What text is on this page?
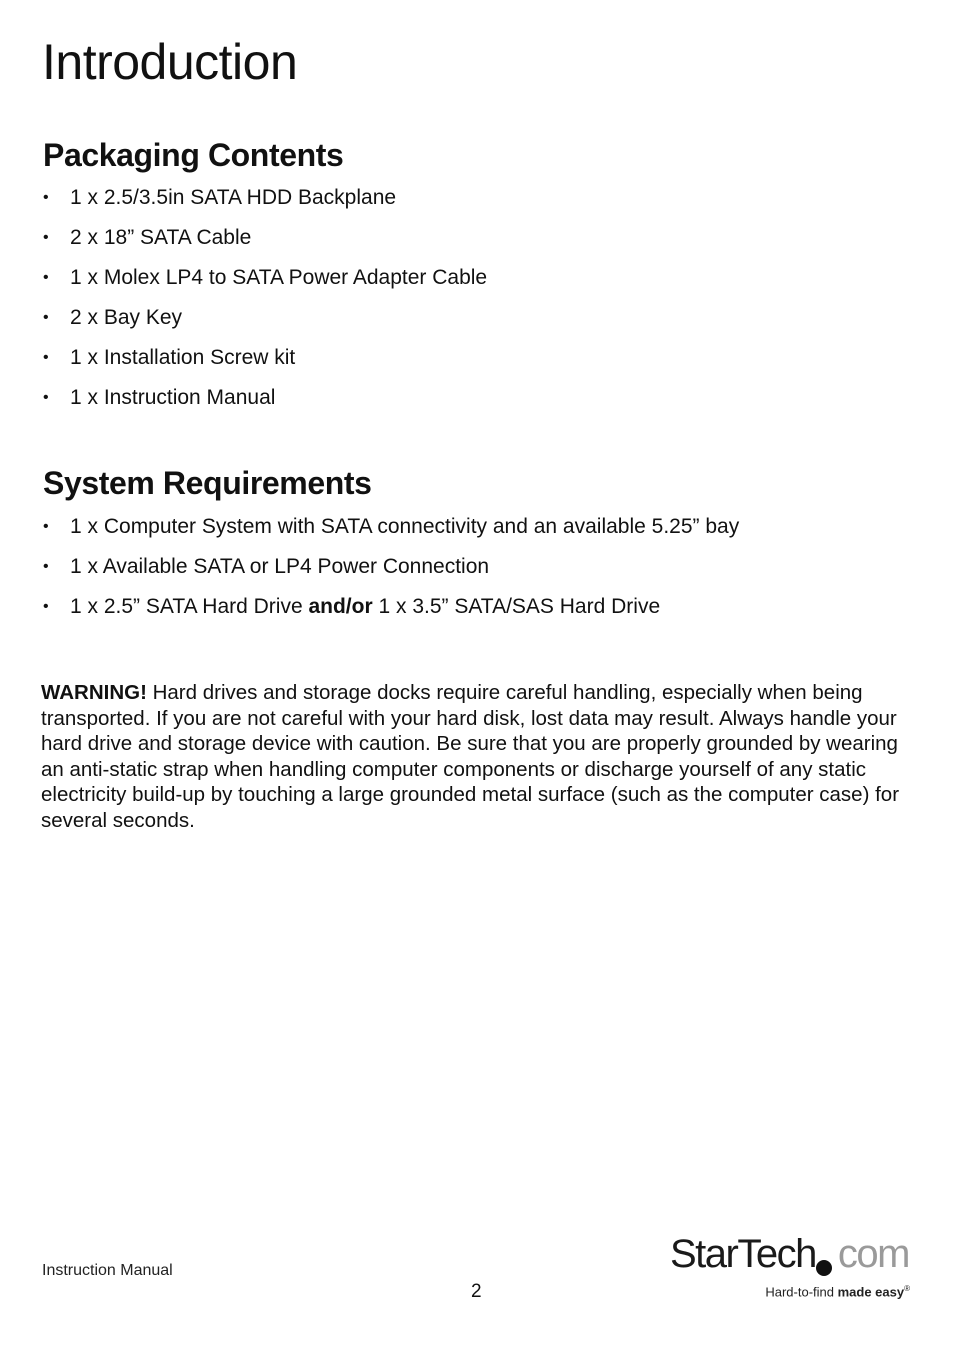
Introduction
Packaging Contents
• 1 x 2.5/3.5in SATA HDD Backplane
• 2 x 18” SATA Cable
• 1 x Molex LP4 to SATA Power Adapter Cable
• 2 x Bay Key
• 1 x Installation Screw kit
• 1 x Instruction Manual
System Requirements
• 1 x Computer System with SATA connectivity and an available 5.25” bay
• 1 x Available SATA or LP4 Power Connection
• 1 x 2.5” SATA Hard Drive and/or 1 x 3.5” SATA/SAS Hard Drive

WARNING! Hard drives and storage docks require careful handling, especially when being transported. If you are not careful with your hard disk, lost data may result. Always handle your hard drive and storage device with caution. Be sure that you are properly grounded by wearing an anti-static strap when handling computer components or discharge yourself of any static electricity build-up by touching a large grounded metal surface (such as the computer case) for several seconds.

Instruction Manual
2
StarTech com
Hard-to-find made easy®
